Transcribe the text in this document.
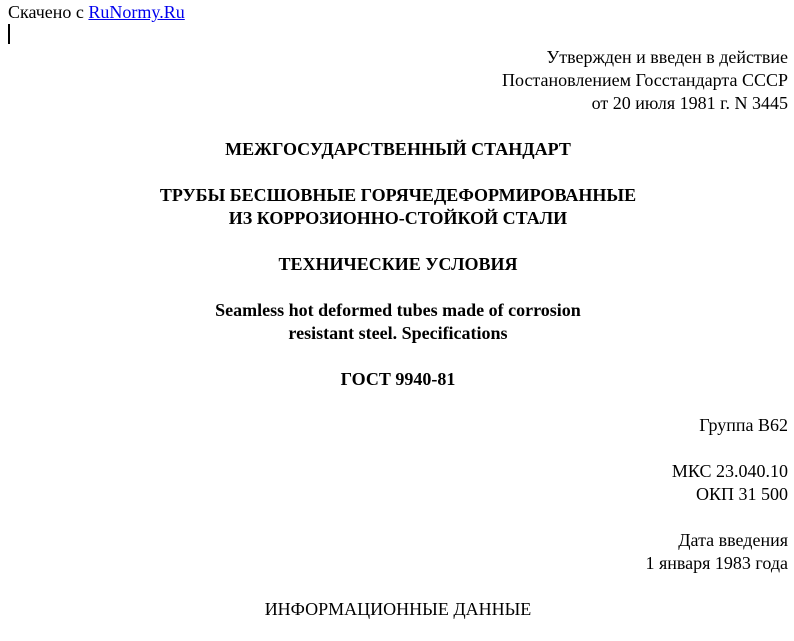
Скачено с RuNormy.Ru
Утвержден и введен в действие
Постановлением Госстандарта СССР
от 20 июля 1981 г. N 3445
МЕЖГОСУДАРСТВЕННЫЙ СТАНДАРТ
ТРУБЫ БЕСШОВНЫЕ ГОРЯЧЕДЕФОРМИРОВАННЫЕ
ИЗ КОРРОЗИОННО-СТОЙКОЙ СТАЛИ
ТЕХНИЧЕСКИЕ УСЛОВИЯ
Seamless hot deformed tubes made of corrosion
resistant steel. Specifications
ГОСТ 9940-81
Группа В62
МКС 23.040.10
ОКП 31 500
Дата введения
1 января 1983 года
ИНФОРМАЦИОННЫЕ ДАННЫЕ
